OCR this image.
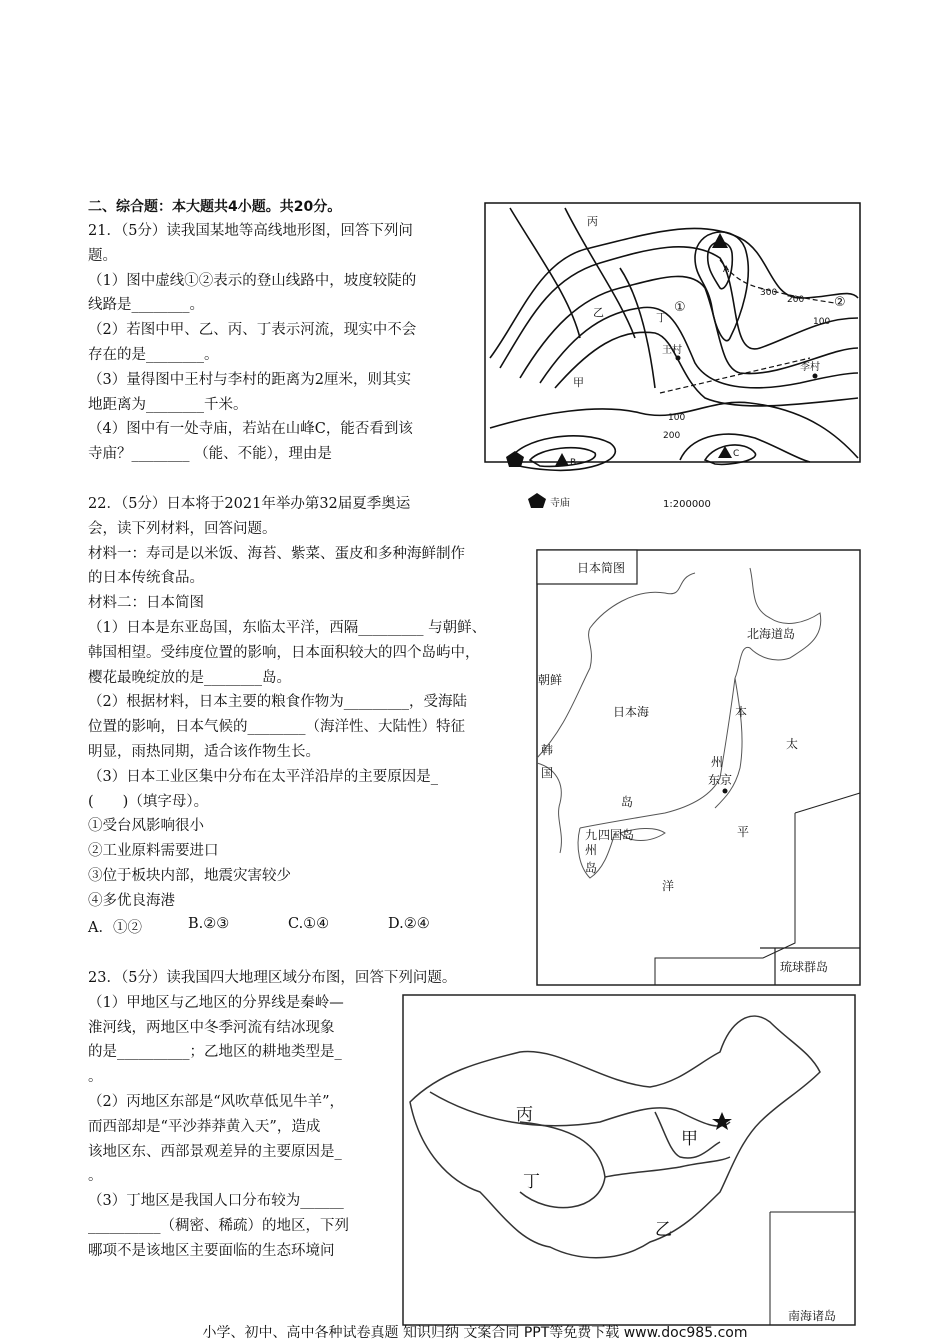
二、综合题：本大题共4小题。共20分。
21．（5分）读我国某地等高线地形图，回答下列问
题。
（1）图中虚线①②表示的登山线路中，坡度较陡的
线路是________。
（2）若图中甲、乙、丙、丁表示河流，现实中不会
存在的是________。
（3）量得图中王村与李村的距离为2厘米，则其实
地距离为________千米。
（4）图中有一处寺庙，若站在山峰C，能否看到该
寺庙？________ （能、不能），理由是
22．（5分）日本将于2021年举办第32届夏季奥运
会，读下列材料，回答问题。
材料一：寿司是以米饭、海苔、紫菜、蛋皮和多种海鲜制作
的日本传统食品。
材料二：日本简图
（1）日本是东亚岛国，东临太平洋，西隔_________ 与朝鲜、
韩国相望。受纬度位置的影响，日本面积较大的四个岛屿中，
樱花最晚绽放的是________岛。
（2）根据材料，日本主要的粮食作物为_________，受海陆
位置的影响，日本气候的________（海洋性、大陆性）特征
明显，雨热同期，适合该作物生长。
（3）日本工业区集中分布在太平洋沿岸的主要原因是_
(　　)（填字母）。
①受台风影响很小
②工业原料需要进口
③位于板块内部，地震灾害较少
④多优良海港
A．①②	B.②③	C.①④	D.②④
23．（5分）读我国四大地理区域分布图，回答下列问题。
（1）甲地区与乙地区的分界线是秦岭—
淮河线，两地区中冬季河流有结冰现象
的是__________；乙地区的耕地类型是_
。
（2）丙地区东部是“风吹草低见牛羊”，
而西部却是“平沙莽莽黄入天”，造成
该地区东、西部景观差异的主要原因是_
。
（3）丁地区是我国人口分布较为______
__________（稠密、稀疏）的地区，下列
哪项不是该地区主要面临的生态环境问
丙
乙	丁
甲
①	②
A
B
C
300
200
100
100
200
王村
李村
寺庙	1:200000
日本简图
北海道岛
朝鲜
日本海	本
太
韩
国
州
东京
岛
平
九
州
岛
四国岛
洋
琉球群岛
丙
甲
丁
乙
南海诸岛
小学、初中、高中各种试卷真题 知识归纳 文案合同 PPT等免费下载 www.doc985.com
